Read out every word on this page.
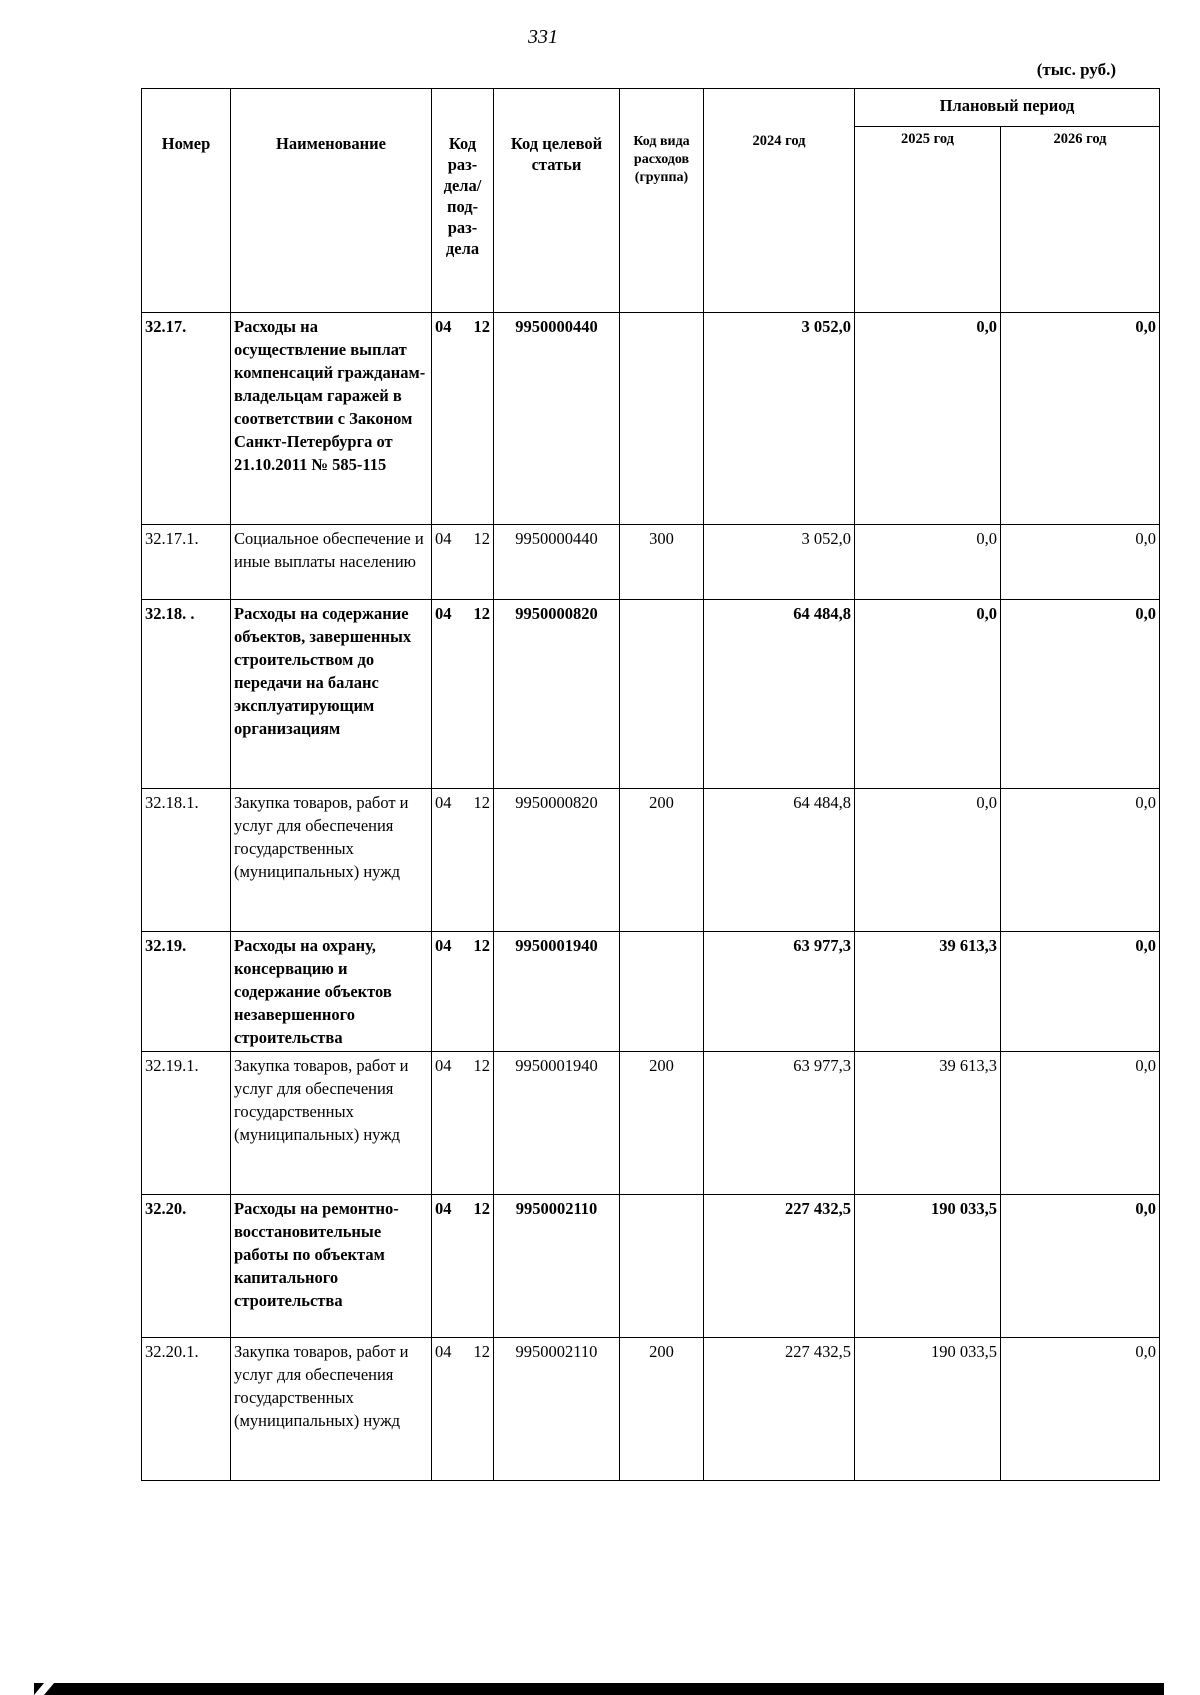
331
(тыс. руб.)
Номер	Наименование	Код раз-дела/ под-раз-дела	Код целевой статьи	Код вида расходов (группа)	2024 год	Плановый период	
						2025 год	2026 год
32.17.	Расходы на осуществление выплат компенсаций гражданам-владельцам гаражей в соответствии с Законом Санкт-Петербурга от 21.10.2011 № 585-115	04 12	9950000440		3 052,0	0,0	0,0
32.17.1.	Социальное обеспечение и иные выплаты населению	04 12	9950000440	300	3 052,0	0,0	0,0
32.18. .	Расходы на содержание объектов, завершенных строительством до передачи на баланс эксплуатирующим организациям	04 12	9950000820		64 484,8	0,0	0,0
32.18.1.	Закупка товаров, работ и услуг для обеспечения государственных (муниципальных) нужд	04 12	9950000820	200	64 484,8	0,0	0,0
32.19.	Расходы на охрану, консервацию и содержание объектов незавершенного строительства	04 12	9950001940		63 977,3	39 613,3	0,0
32.19.1.	Закупка товаров, работ и услуг для обеспечения государственных (муниципальных) нужд	04 12	9950001940	200	63 977,3	39 613,3	0,0
32.20.	Расходы на ремонтно-восстановительные работы по объектам капитального строительства	04 12	9950002110		227 432,5	190 033,5	0,0
32.20.1.	Закупка товаров, работ и услуг для обеспечения государственных (муниципальных) нужд	04 12	9950002110	200	227 432,5	190 033,5	0,0
